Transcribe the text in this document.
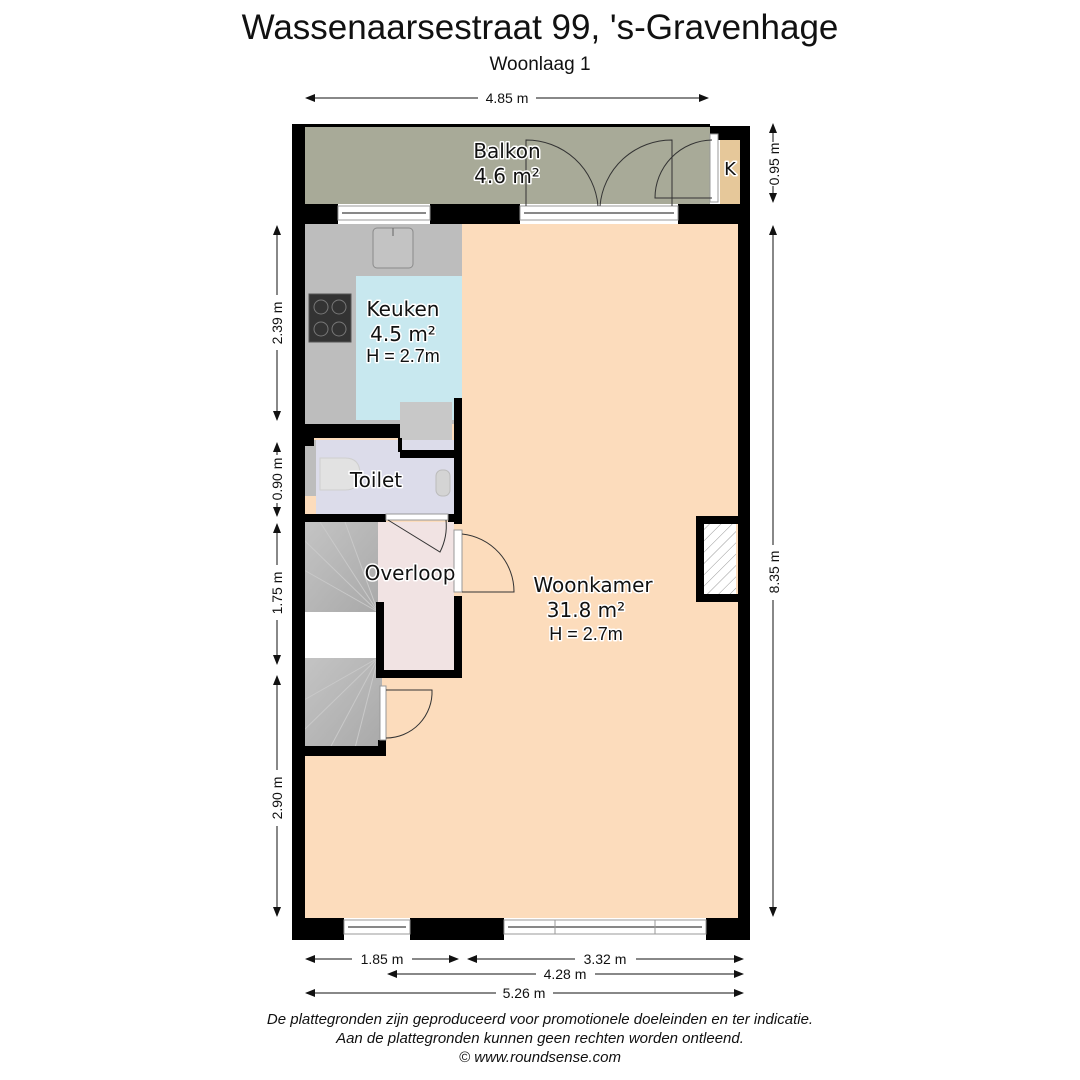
Wassenaarsestraat 99, 's-Gravenhage
Woonlaag 1
Balkon
4.6 m²	K
Keuken
4.5 m²
H = 2.7m
Toilet
Overloop	Woonkamer
31.8 m²
H = 2.7m
4.85 m
0.95 m
8.35 m
2.39 m
0.90 m
1.75 m
2.90 m
1.85 m	3.32 m
4.28 m
5.26 m
De plattegronden zijn geproduceerd voor promotionele doeleinden en ter indicatie.
Aan de plattegronden kunnen geen rechten worden ontleend.
© www.roundsense.com
